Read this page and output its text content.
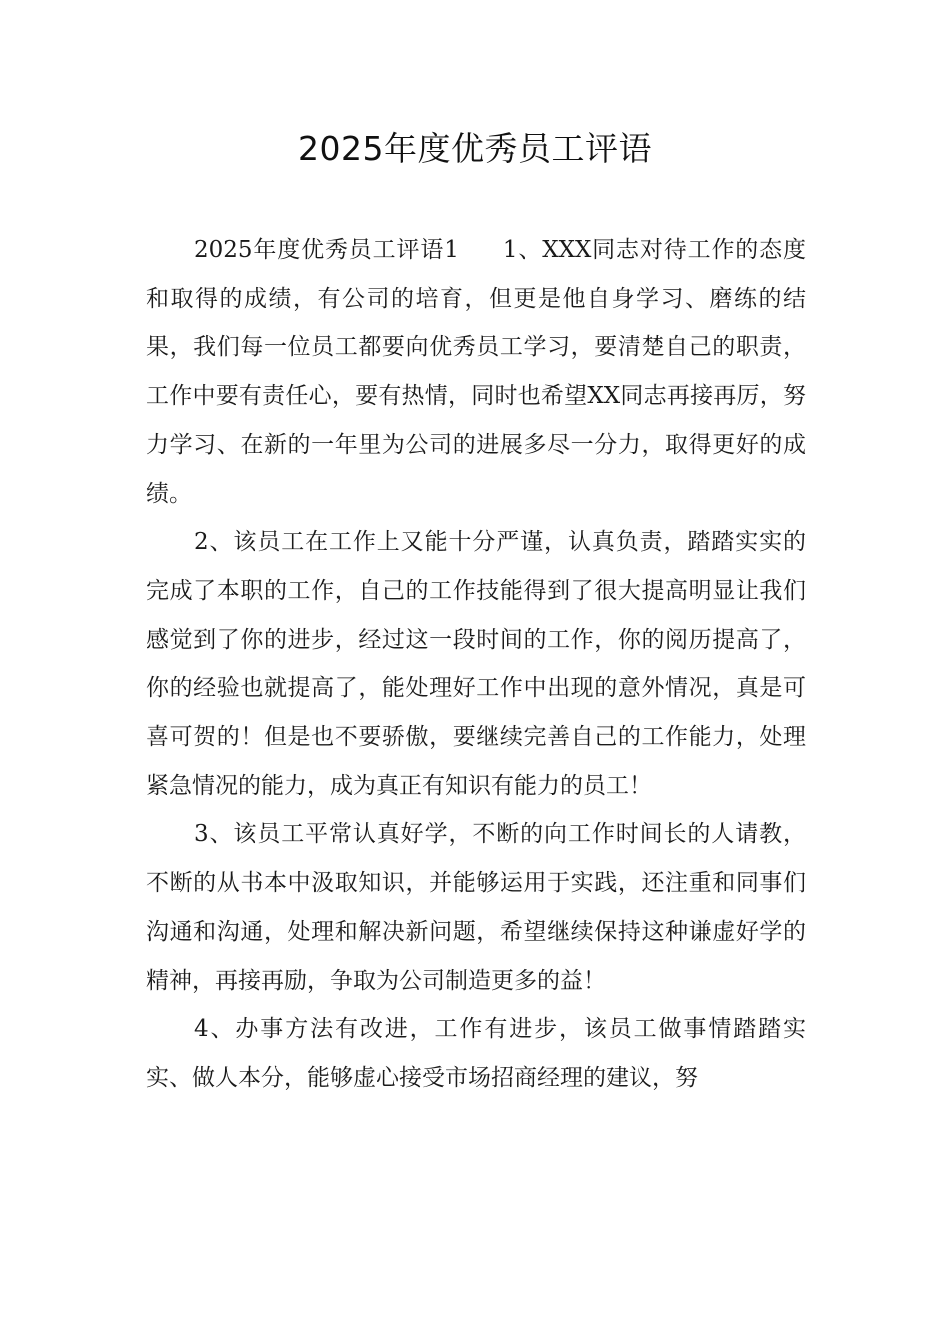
2025年度优秀员工评语

2025年度优秀员工评语1 1、XXX同志对待工作的态度和取得的成绩，有公司的培育，但更是他自身学习、磨练的结果，我们每一位员工都要向优秀员工学习，要清楚自己的职责，工作中要有责任心，要有热情，同时也希望XX同志再接再厉，努力学习、在新的一年里为公司的进展多尽一分力，取得更好的成绩。

2、该员工在工作上又能十分严谨，认真负责，踏踏实实的完成了本职的工作，自己的工作技能得到了很大提高明显让我们感觉到了你的进步，经过这一段时间的工作，你的阅历提高了，你的经验也就提高了，能处理好工作中出现的意外情况，真是可喜可贺的！但是也不要骄傲，要继续完善自己的工作能力，处理紧急情况的能力，成为真正有知识有能力的员工！

3、该员工平常认真好学，不断的向工作时间长的人请教，不断的从书本中汲取知识，并能够运用于实践，还注重和同事们沟通和沟通，处理和解决新问题，希望继续保持这种谦虚好学的精神，再接再励，争取为公司制造更多的益！

4、办事方法有改进，工作有进步，该员工做事情踏踏实实、做人本分，能够虚心接受市场招商经理的建议，努
